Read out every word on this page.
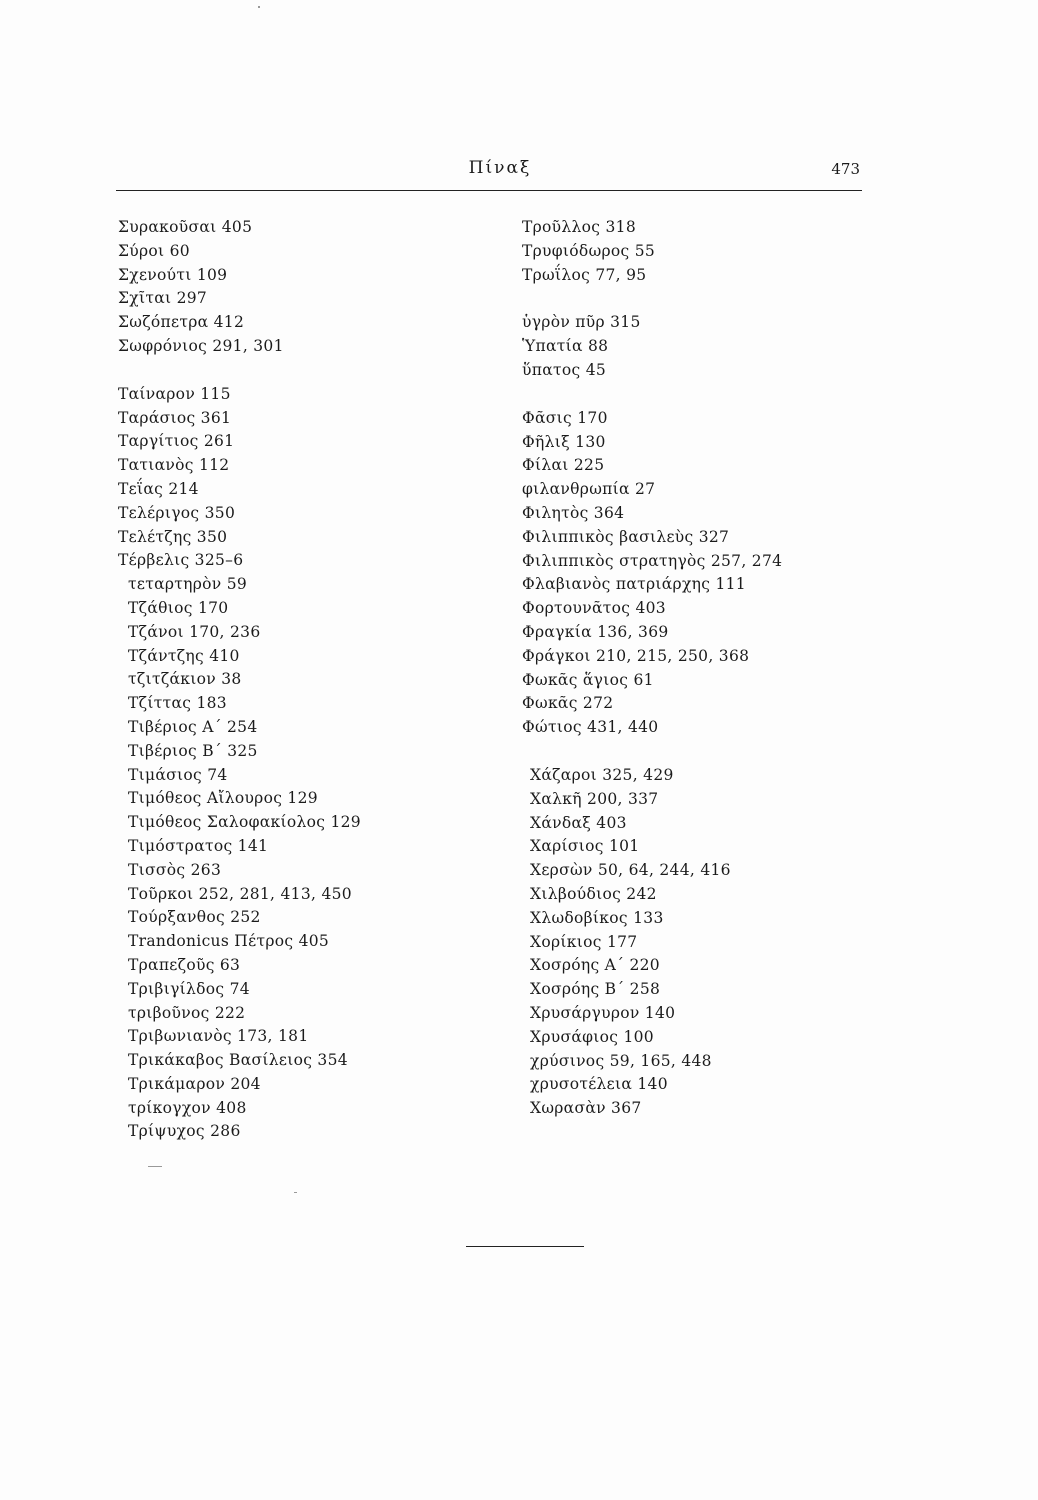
Πίναξ	473
Συρακοῦσαι 405
Σύροι 60
Σχενούτι 109
Σχῖται 297
Σωζόπετρα 412
Σωφρόνιος 291, 301
Ταίναρον 115
Ταράσιος 361
Ταργίτιος 261
Τατιανὸς 112
Τεΐας 214
Τελέριγος 350
Τελέτζης 350
Τέρβελις 325–6
τεταρτηρὸν 59
Τζάθιος 170
Τζάνοι 170, 236
Τζάντζης 410
τζιτζάκιον 38
Τζίττας 183
Τιβέριος Α΄ 254
Τιβέριος Β΄ 325
Τιμάσιος 74
Τιμόθεος Αἴλουρος 129
Τιμόθεος Σαλοφακίολος 129
Τιμόστρατος 141
Τισσὸς 263
Τοῦρκοι 252, 281, 413, 450
Τούρξανθος 252
Trandonicus Πέτρος 405
Τραπεζοῦς 63
Τριβιγίλδος 74
τριβοῦνος 222
Τριβωνιανὸς 173, 181
Τρικάκαβος Βασίλειος 354
Τρικάμαρον 204
τρίκογχον 408
Τρίψυχος 286
Τροῦλλος 318
Τρυφιόδωρος 55
Τρωΐλος 77, 95
ὑγρὸν πῦρ 315
Ὑπατία 88
ὕπατος 45
Φᾶσις 170
Φῆλιξ 130
Φίλαι 225
φιλανθρωπία 27
Φιλητὸς 364
Φιλιππικὸς βασιλεὺς 327
Φιλιππικὸς στρατηγὸς 257, 274
Φλαβιανὸς πατριάρχης 111
Φορτουνᾶτος 403
Φραγκία 136, 369
Φράγκοι 210, 215, 250, 368
Φωκᾶς ἅγιος 61
Φωκᾶς 272
Φώτιος 431, 440
Χάζαροι 325, 429
Χαλκῆ 200, 337
Χάνδαξ 403
Χαρίσιος 101
Χερσὼν 50, 64, 244, 416
Χιλβούδιος 242
Χλωδοβίκος 133
Χορίκιος 177
Χοσρόης Α΄ 220
Χοσρόης Β΄ 258
Χρυσάργυρον 140
Χρυσάφιος 100
χρύσινος 59, 165, 448
χρυσοτέλεια 140
Χωρασὰν 367
